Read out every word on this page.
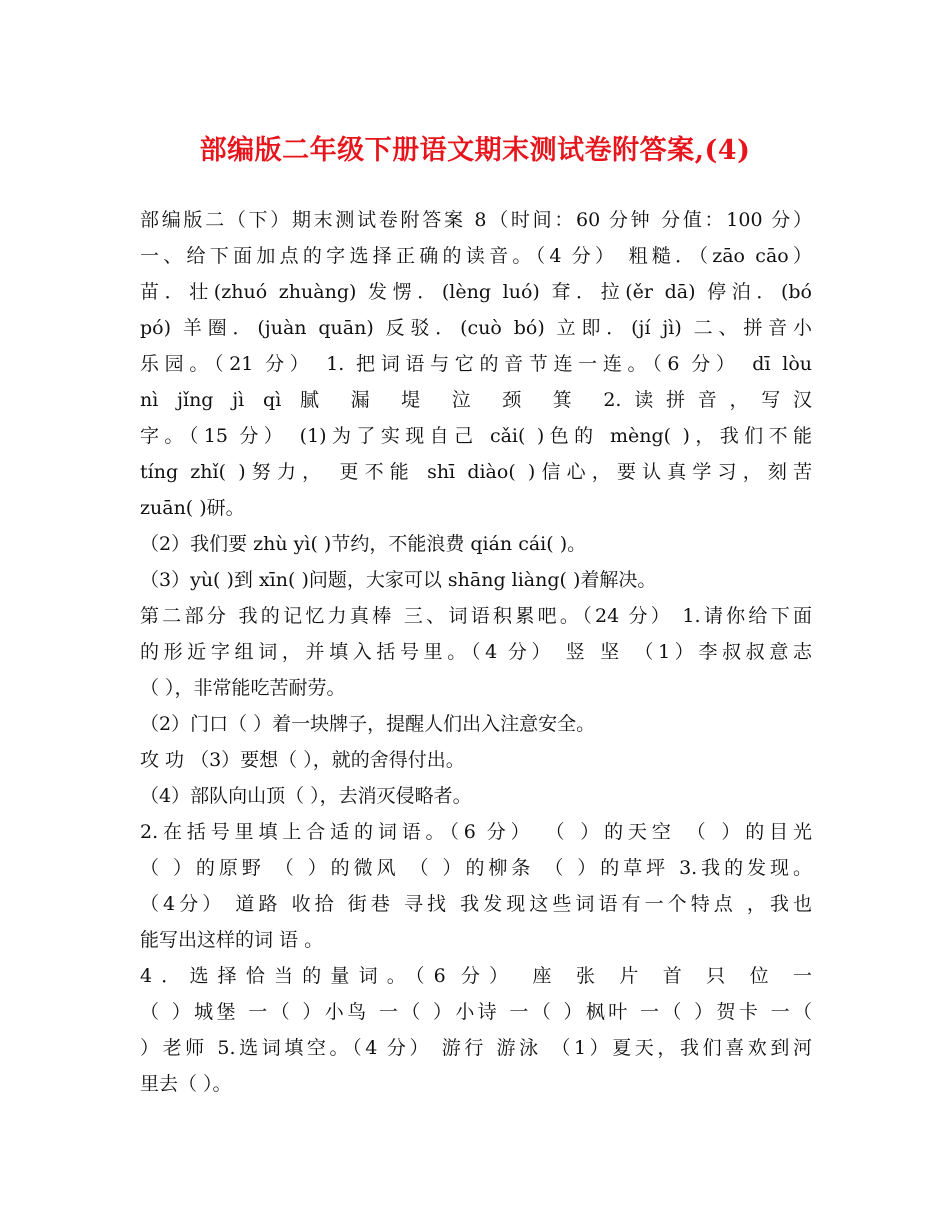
部编版二年级下册语文期末测试卷附答案,(4)
部编版二（下）期末测试卷附答案 8（时间：60 分钟 分值：100 分）
一、给下面加点的字选择正确的读音。（4 分） 粗糙．（zāo cāo）
苗．壮(zhuó zhuàng) 发愣．(lèng luó) 耷．拉(ěr dā) 停泊．(bó
pó) 羊圈．(juàn quān) 反驳．(cuò bó) 立即．(jí jì) 二、拼音小
乐园。（21 分） 1. 把词语与它的音节连一连。（6 分） dī lòu
nì jǐng jì qì 腻 漏 堤 泣 颈 箕 2.读拼音，写汉
字。（15 分） (1)为了实现自己 cǎi( )色的 mèng( )，我们不能
tíng zhǐ( )努力， 更不能 shī diào( )信心，要认真学习，刻苦
zuān( )研。
（2）我们要 zhù yì( )节约，不能浪费 qián cái( )。
（3）yù( )到 xīn( )问题，大家可以 shāng liàng( )着解决。
第二部分 我的记忆力真棒 三、词语积累吧。（24 分） 1.请你给下面
的形近字组词，并填入括号里。（4 分） 竖 坚 （1）李叔叔意志
（ ），非常能吃苦耐劳。
（2）门口（ ）着一块牌子，提醒人们出入注意安全。
攻 功 （3）要想（ ），就的舍得付出。
（4）部队向山顶（ ），去消灭侵略者。
2.在括号里填上合适的词语。（6 分） （ ）的天空 （ ）的目光
（ ）的原野 （ ）的微风 （ ）的柳条 （ ）的草坪 3.我的发现。
（4分） 道路 收拾 街巷 寻找 我发现这些词语有一个特点 ，我也
能写出这样的词 语 。
4．选择恰当的量词。（6 分） 座 张 片 首 只 位 一
（ ）城堡 一（ ）小鸟 一（ ）小诗 一（ ）枫叶 一（ ）贺卡 一（
）老师 5.选词填空。（4 分） 游行 游泳 （1）夏天，我们喜欢到河
里去（ ）。
